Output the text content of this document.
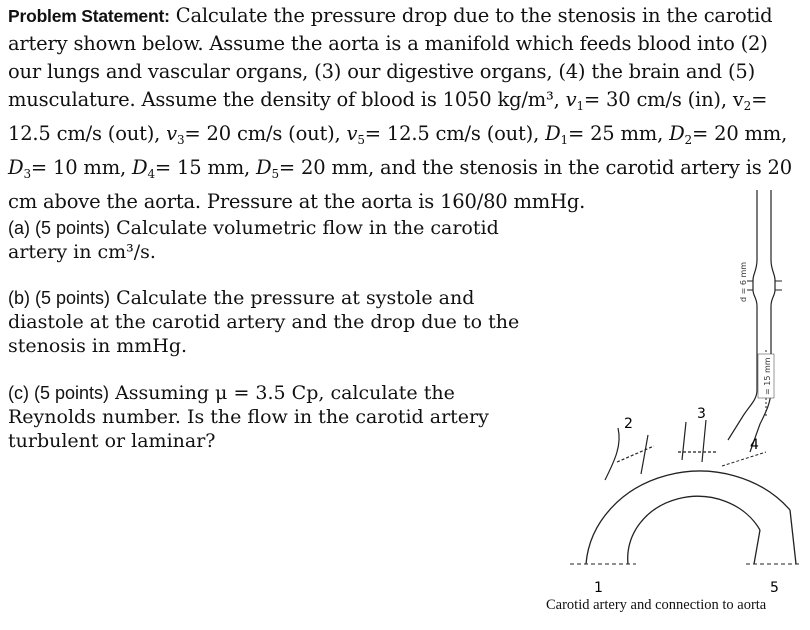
Problem Statement: Calculate the pressure drop due to the stenosis in the carotid artery shown below. Assume the aorta is a manifold which feeds blood into (2) our lungs and vascular organs, (3) our digestive organs, (4) the brain and (5) musculature. Assume the density of blood is 1050 kg/m³, $v_1= 30$ cm/s (in), $v_2= 12.5$ cm/s (out), $v_3= 20$ cm/s (out), $v_5= 12.5$ cm/s (out), $D_1= 25$ mm, $D_2= 20$ mm, $D_3= 10$ mm, $D_4= 15$ mm, $D_5= 20$ mm, and the stenosis in the carotid artery is 20 cm above the aorta. Pressure at the aorta is 160/80 mmHg.
(a) (5 points) Calculate volumetric flow in the carotid artery in cm³/s.
(b) (5 points) Calculate the pressure at systole and diastole at the carotid artery and the drop due to the stenosis in mmHg.
(c) (5 points) Assuming μ = 3.5 Cp, calculate the Reynolds number. Is the flow in the carotid artery turbulent or laminar?
d = 6 mm
= 15 mm
1
2
3
4
5
Carotid artery and connection to aorta
